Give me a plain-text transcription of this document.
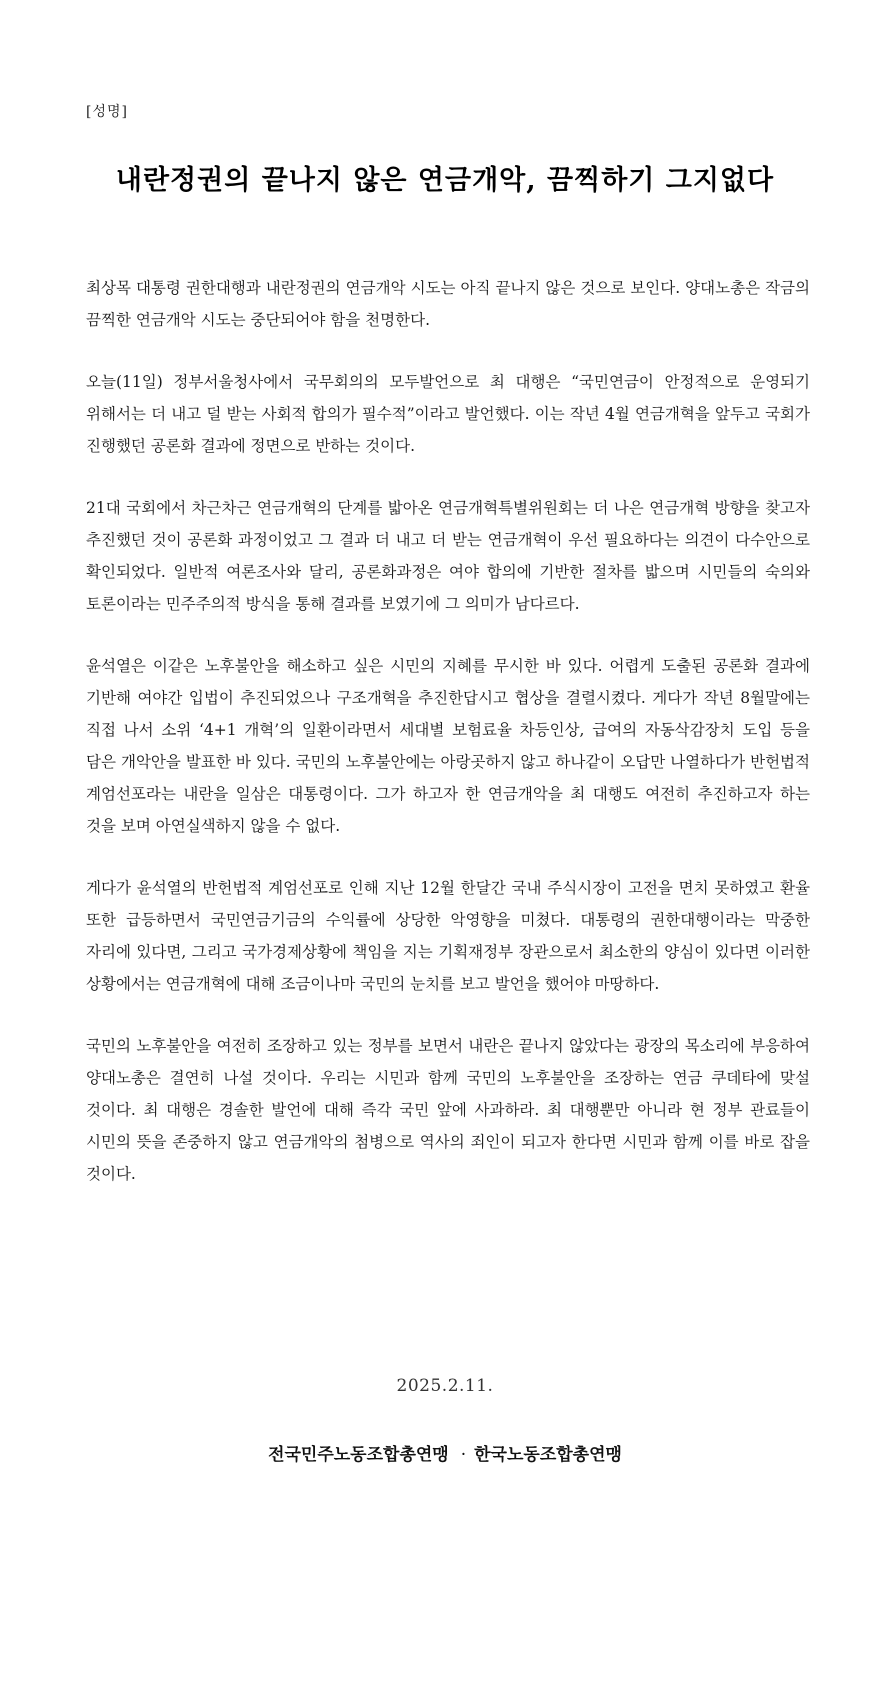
[성명]
내란정권의 끝나지 않은 연금개악, 끔찍하기 그지없다

최상목 대통령 권한대행과 내란정권의 연금개악 시도는 아직 끝나지 않은 것으로 보인다. 양대노총은 작금의 끔찍한 연금개악 시도는 중단되어야 함을 천명한다.

오늘(11일) 정부서울청사에서 국무회의의 모두발언으로 최 대행은 “국민연금이 안정적으로 운영되기 위해서는 더 내고 덜 받는 사회적 합의가 필수적”이라고 발언했다. 이는 작년 4월 연금개혁을 앞두고 국회가 진행했던 공론화 결과에 정면으로 반하는 것이다.

21대 국회에서 차근차근 연금개혁의 단계를 밟아온 연금개혁특별위원회는 더 나은 연금개혁 방향을 찾고자 추진했던 것이 공론화 과정이었고 그 결과 더 내고 더 받는 연금개혁이 우선 필요하다는 의견이 다수안으로 확인되었다. 일반적 여론조사와 달리, 공론화과정은 여야 합의에 기반한 절차를 밟으며 시민들의 숙의와 토론이라는 민주주의적 방식을 통해 결과를 보였기에 그 의미가 남다르다.

윤석열은 이같은 노후불안을 해소하고 싶은 시민의 지혜를 무시한 바 있다. 어렵게 도출된 공론화 결과에 기반해 여야간 입법이 추진되었으나 구조개혁을 추진한답시고 협상을 결렬시켰다. 게다가 작년 8월말에는 직접 나서 소위 ‘4+1 개혁’의 일환이라면서 세대별 보험료율 차등인상, 급여의 자동삭감장치 도입 등을 담은 개악안을 발표한 바 있다. 국민의 노후불안에는 아랑곳하지 않고 하나같이 오답만 나열하다가 반헌법적 계엄선포라는 내란을 일삼은 대통령이다. 그가 하고자 한 연금개악을 최 대행도 여전히 추진하고자 하는 것을 보며 아연실색하지 않을 수 없다.

게다가 윤석열의 반헌법적 계엄선포로 인해 지난 12월 한달간 국내 주식시장이 고전을 면치 못하였고 환율 또한 급등하면서 국민연금기금의 수익률에 상당한 악영향을 미쳤다. 대통령의 권한대행이라는 막중한 자리에 있다면, 그리고 국가경제상황에 책임을 지는 기획재정부 장관으로서 최소한의 양심이 있다면 이러한 상황에서는 연금개혁에 대해 조금이나마 국민의 눈치를 보고 발언을 했어야 마땅하다.

국민의 노후불안을 여전히 조장하고 있는 정부를 보면서 내란은 끝나지 않았다는 광장의 목소리에 부응하여 양대노총은 결연히 나설 것이다. 우리는 시민과 함께 국민의 노후불안을 조장하는 연금 쿠데타에 맞설 것이다. 최 대행은 경솔한 발언에 대해 즉각 국민 앞에 사과하라. 최 대행뿐만 아니라 현 정부 관료들이 시민의 뜻을 존중하지 않고 연금개악의 첨병으로 역사의 죄인이 되고자 한다면 시민과 함께 이를 바로 잡을 것이다.

2025.2.11.
전국민주노동조합총연맹 · 한국노동조합총연맹
